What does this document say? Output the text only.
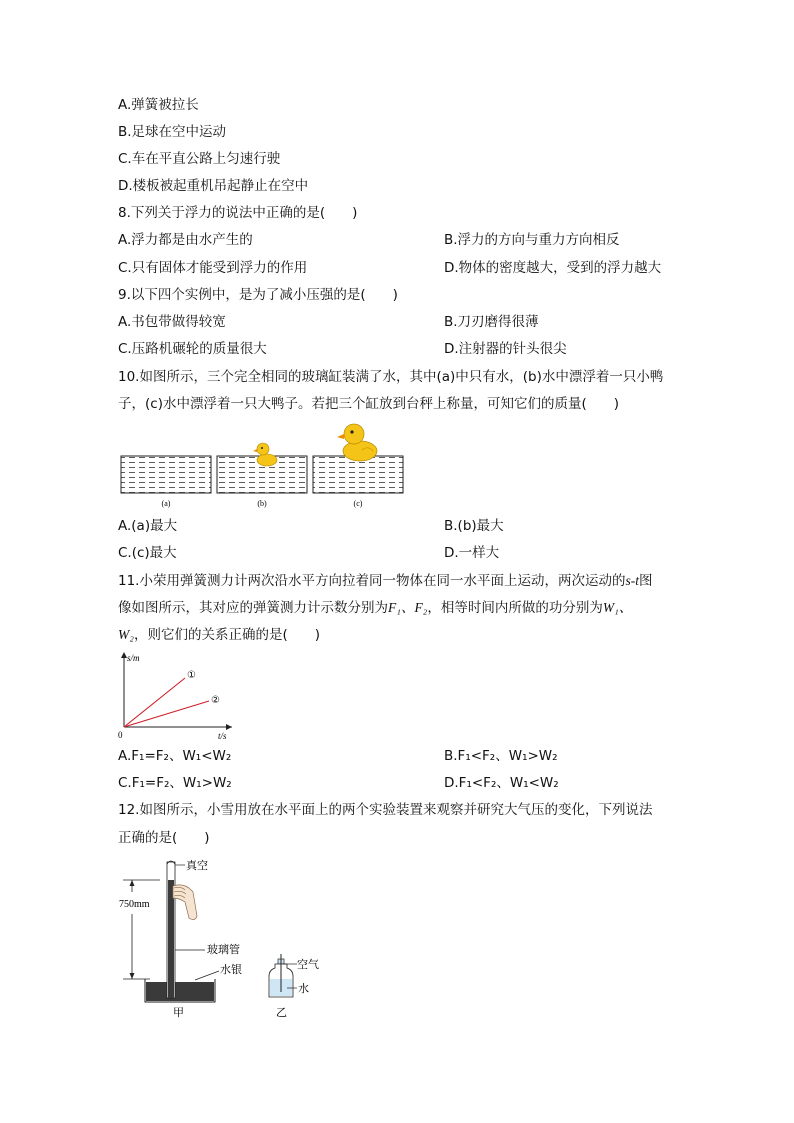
A.弹簧被拉长
B.足球在空中运动
C.车在平直公路上匀速行驶
D.楼板被起重机吊起静止在空中
8.下列关于浮力的说法中正确的是(　　)
A.浮力都是由水产生的	B.浮力的方向与重力方向相反
C.只有固体才能受到浮力的作用	D.物体的密度越大，受到的浮力越大
9.以下四个实例中，是为了减小压强的是(　　)
A.书包带做得较宽	B.刀刃磨得很薄
C.压路机碾轮的质量很大	D.注射器的针头很尖
10.如图所示，三个完全相同的玻璃缸装满了水，其中(a)中只有水，(b)水中漂浮着一只小鸭
子，(c)水中漂浮着一只大鸭子。若把三个缸放到台秤上称量，可知它们的质量(　　)
(a)	(b)	(c)
A.(a)最大	B.(b)最大
C.(c)最大	D.一样大
11.小荣用弹簧测力计两次沿水平方向拉着同一物体在同一水平面上运动，两次运动的s-t图
像如图所示，其对应的弹簧测力计示数分别为F₁、F₂，相等时间内所做的功分别为W₁、
W₂，则它们的关系正确的是(　　)
s/m
t/s
0
①
②
A.F₁=F₂、W₁<W₂	B.F₁<F₂、W₁>W₂
C.F₁=F₂、W₁>W₂	D.F₁<F₂、W₁<W₂
12.如图所示，小雪用放在水平面上的两个实验装置来观察并研究大气压的变化，下列说法
正确的是(　　)
750mm
真空
玻璃管
水银
甲
空气
水
乙
